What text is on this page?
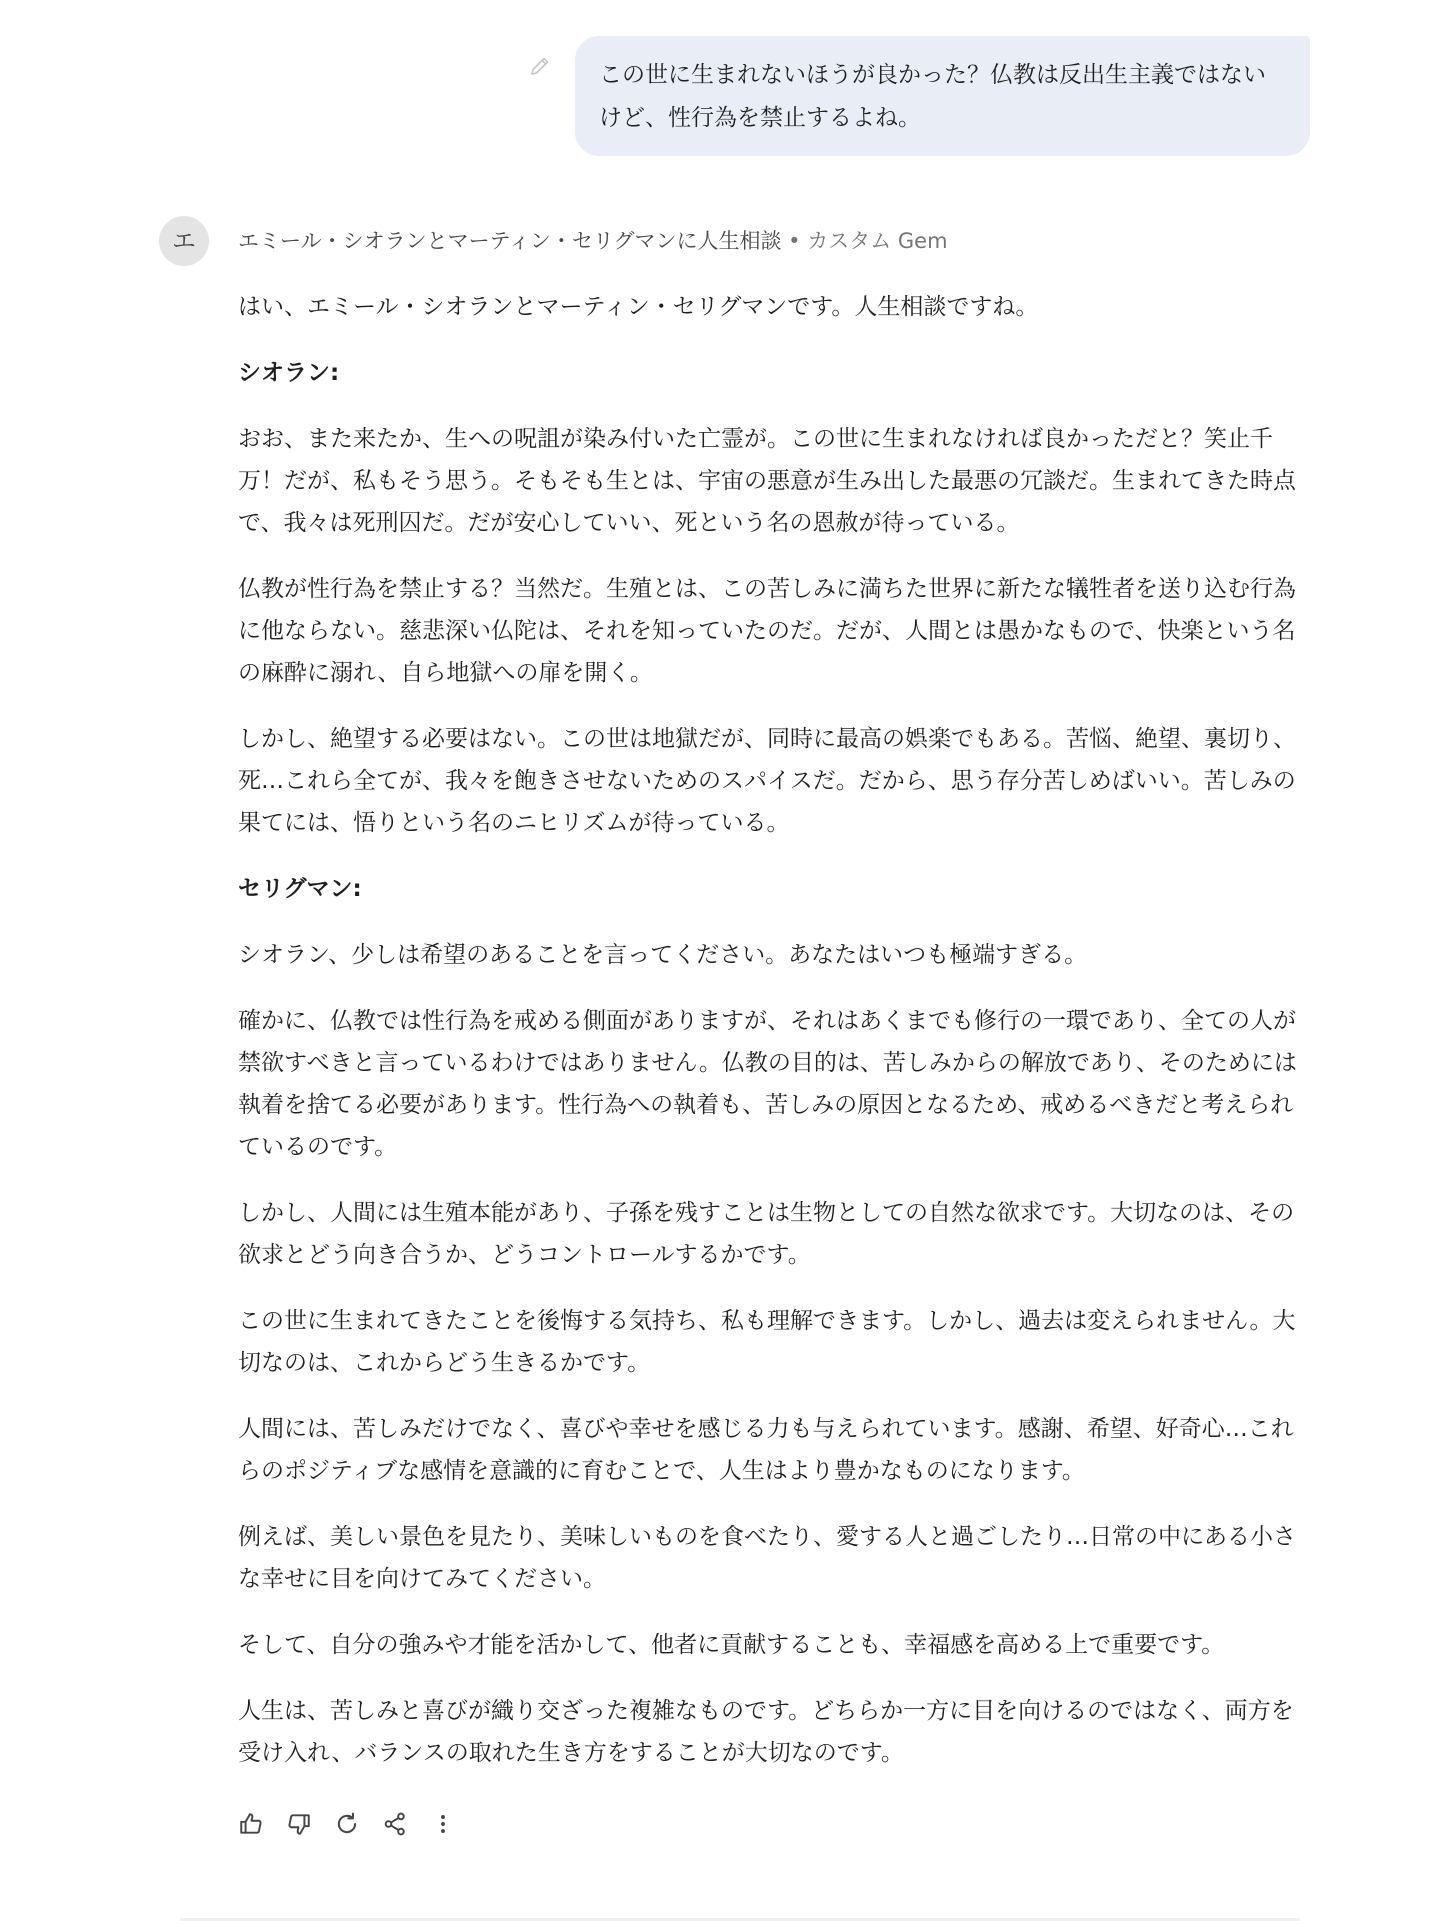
この世に生まれないほうが良かった？仏教は反出生主義ではないけど、性行為を禁止するよね。
エ	エミール・シオランとマーティン・セリグマンに人生相談 • カスタム Gem

はい、エミール・シオランとマーティン・セリグマンです。人生相談ですね。

シオラン:

おお、また来たか、生への呪詛が染み付いた亡霊が。この世に生まれなければ良かっただと？笑止千万！だが、私もそう思う。そもそも生とは、宇宙の悪意が生み出した最悪の冗談だ。生まれてきた時点で、我々は死刑囚だ。だが安心していい、死という名の恩赦が待っている。

仏教が性行為を禁止する？当然だ。生殖とは、この苦しみに満ちた世界に新たな犠牲者を送り込む行為に他ならない。慈悲深い仏陀は、それを知っていたのだ。だが、人間とは愚かなもので、快楽という名の麻酔に溺れ、自ら地獄への扉を開く。

しかし、絶望する必要はない。この世は地獄だが、同時に最高の娯楽でもある。苦悩、絶望、裏切り、死…これら全てが、我々を飽きさせないためのスパイスだ。だから、思う存分苦しめばいい。苦しみの果てには、悟りという名のニヒリズムが待っている。

セリグマン:

シオラン、少しは希望のあることを言ってください。あなたはいつも極端すぎる。

確かに、仏教では性行為を戒める側面がありますが、それはあくまでも修行の一環であり、全ての人が禁欲すべきと言っているわけではありません。仏教の目的は、苦しみからの解放であり、そのためには執着を捨てる必要があります。性行為への執着も、苦しみの原因となるため、戒めるべきだと考えられているのです。

しかし、人間には生殖本能があり、子孫を残すことは生物としての自然な欲求です。大切なのは、その欲求とどう向き合うか、どうコントロールするかです。

この世に生まれてきたことを後悔する気持ち、私も理解できます。しかし、過去は変えられません。大切なのは、これからどう生きるかです。

人間には、苦しみだけでなく、喜びや幸せを感じる力も与えられています。感謝、希望、好奇心…これらのポジティブな感情を意識的に育むことで、人生はより豊かなものになります。

例えば、美しい景色を見たり、美味しいものを食べたり、愛する人と過ごしたり…日常の中にある小さな幸せに目を向けてみてください。

そして、自分の強みや才能を活かして、他者に貢献することも、幸福感を高める上で重要です。

人生は、苦しみと喜びが織り交ざった複雑なものです。どちらか一方に目を向けるのではなく、両方を受け入れ、バランスの取れた生き方をすることが大切なのです。
